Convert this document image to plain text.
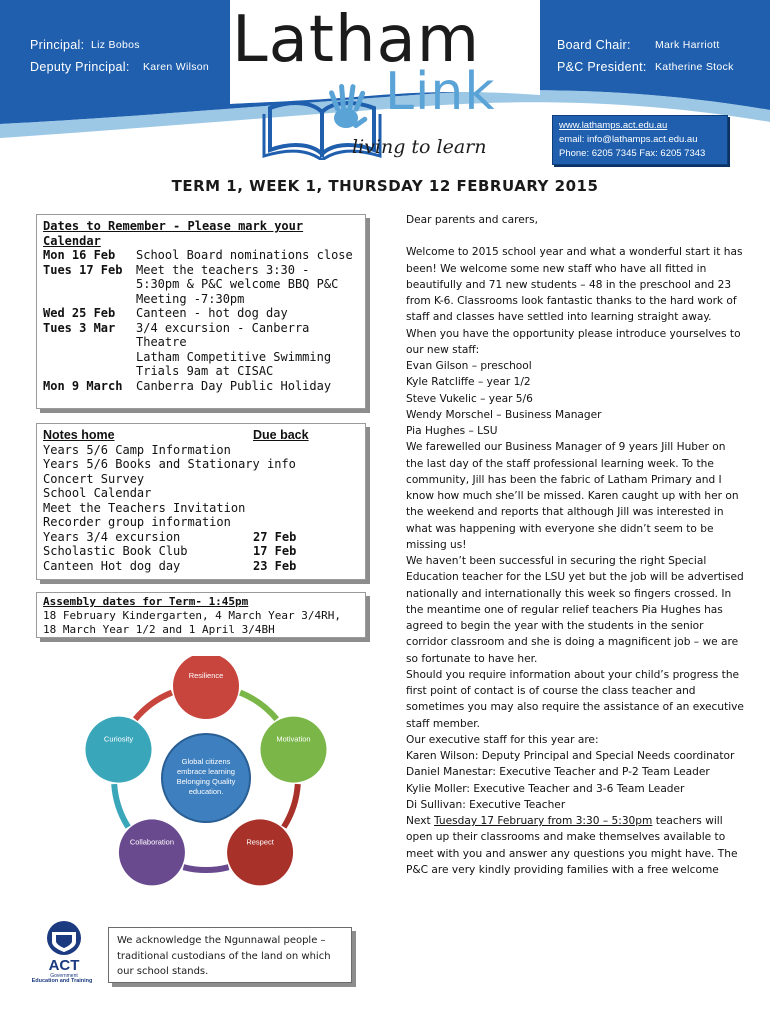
Principal: Liz Bobos
Deputy Principal: Karen Wilson
Board Chair: Mark Harriott
P&C President: Katherine Stock
Latham
Link
living to learn
www.lathamps.act.edu.au
email: info@lathamps.act.edu.au
Phone: 6205 7345 Fax: 6205 7343
TERM 1, WEEK 1, THURSDAY 12 FEBRUARY 2015
Dates to Remember - Please mark your Calendar
Mon 16 Feb	School Board nominations close
Tues 17 Feb	Meet the teachers 3:30 - 5:30pm & P&C welcome BBQ P&C Meeting -7:30pm
Wed 25 Feb	Canteen - hot dog day
Tues 3 Mar	3/4 excursion - Canberra Theatre
Latham Competitive Swimming Trials 9am at CISAC
Mon 9 March	Canberra Day Public Holiday
Notes home	Due back
Years 5/6 Camp Information
Years 5/6 Books and Stationary info
Concert Survey
School Calendar
Meet the Teachers Invitation
Recorder group information
Years 3/4 excursion	27 Feb
Scholastic Book Club	17 Feb
Canteen Hot dog day	23 Feb
Assembly dates for Term- 1:45pm
18 February Kindergarten, 4 March Year 3/4RH,
18 March Year 1/2 and 1 April 3/4BH
Global citizens
embrace learning
Belonging Quality
education.
Resilience
Motivation
Respect
Collaboration
Curiosity
ACT
Government
Education and Training
We acknowledge the Ngunnawal people – traditional custodians of the land on which our school stands.

Dear parents and carers,

Welcome to 2015 school year and what a wonderful start it has been! We welcome some new staff who have all fitted in beautifully and 71 new students – 48 in the preschool and 23 from K-6. Classrooms look fantastic thanks to the hard work of staff and classes have settled into learning straight away.

When you have the opportunity please introduce yourselves to our new staff:

Evan Gilson – preschool

Kyle Ratcliffe – year 1/2

Steve Vukelic – year 5/6

Wendy Morschel – Business Manager

Pia Hughes – LSU

We farewelled our Business Manager of 9 years Jill Huber on the last day of the staff professional learning week. To the community, Jill has been the fabric of Latham Primary and I know how much she’ll be missed. Karen caught up with her on the weekend and reports that although Jill was interested in what was happening with everyone she didn’t seem to be missing us!

We haven’t been successful in securing the right Special Education teacher for the LSU yet but the job will be advertised nationally and internationally this week so fingers crossed. In the meantime one of regular relief teachers Pia Hughes has agreed to begin the year with the students in the senior corridor classroom and she is doing a magnificent job – we are so fortunate to have her.

Should you require information about your child’s progress the first point of contact is of course the class teacher and sometimes you may also require the assistance of an executive staff member.

Our executive staff for this year are:

Karen Wilson: Deputy Principal and Special Needs coordinator

Daniel Manestar: Executive Teacher and P-2 Team Leader

Kylie Moller: Executive Teacher and 3-6 Team Leader

Di Sullivan: Executive Teacher

Next Tuesday 17 February from 3:30 – 5:30pm teachers will open up their classrooms and make themselves available to meet with you and answer any questions you might have. The P&C are very kindly providing families with a free welcome
